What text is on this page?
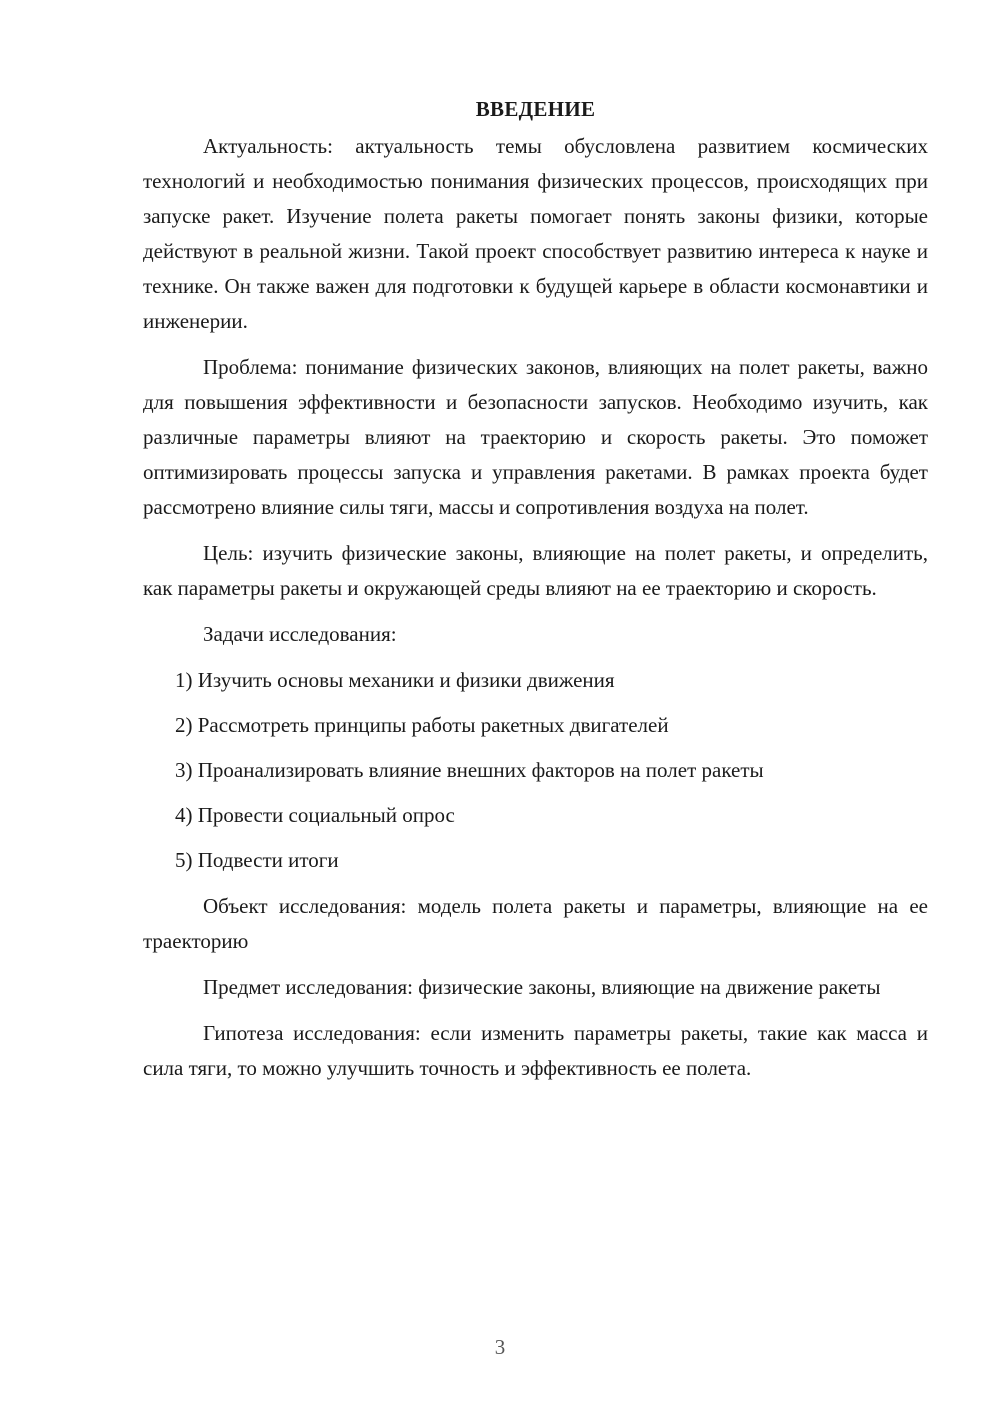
ВВЕДЕНИЕ

Актуальность: актуальность темы обусловлена развитием космических технологий и необходимостью понимания физических процессов, происходящих при запуске ракет. Изучение полета ракеты помогает понять законы физики, которые действуют в реальной жизни. Такой проект способствует развитию интереса к науке и технике. Он также важен для подготовки к будущей карьере в области космонавтики и инженерии.

Проблема: понимание физических законов, влияющих на полет ракеты, важно для повышения эффективности и безопасности запусков. Необходимо изучить, как различные параметры влияют на траекторию и скорость ракеты. Это поможет оптимизировать процессы запуска и управления ракетами. В рамках проекта будет рассмотрено влияние силы тяги, массы и сопротивления воздуха на полет.

Цель: изучить физические законы, влияющие на полет ракеты, и определить, как параметры ракеты и окружающей среды влияют на ее траекторию и скорость.

Задачи исследования:

1) Изучить основы механики и физики движения
2) Рассмотреть принципы работы ракетных двигателей
3) Проанализировать влияние внешних факторов на полет ракеты
4) Провести социальный опрос
5) Подвести итоги

Объект исследования: модель полета ракеты и параметры, влияющие на ее траекторию

Предмет исследования: физические законы, влияющие на движение ракеты

Гипотеза исследования: если изменить параметры ракеты, такие как масса и сила тяги, то можно улучшить точность и эффективность ее полета.

3
